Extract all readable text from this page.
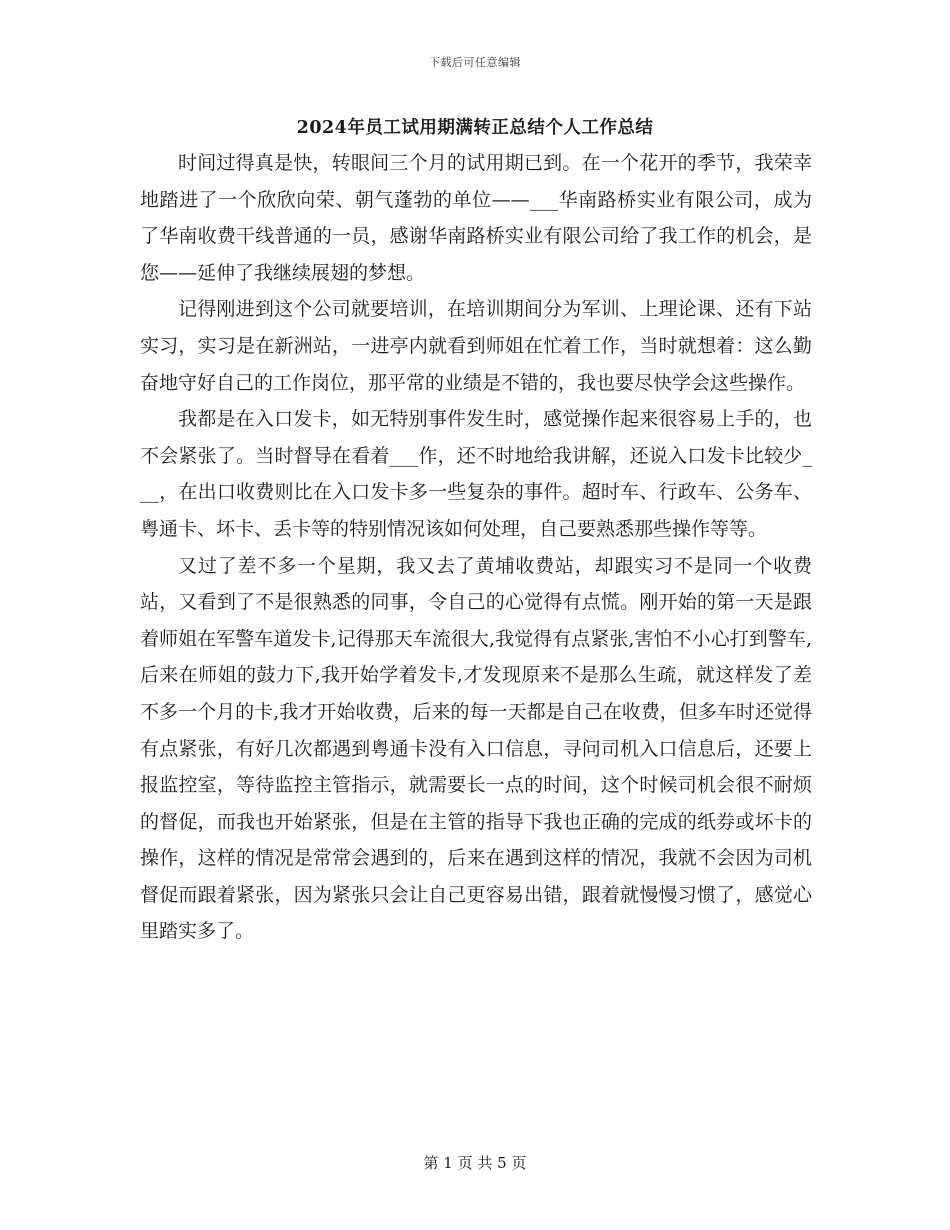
下载后可任意编辑
2024年员工试用期满转正总结个人工作总结

时间过得真是快，转眼间三个月的试用期已到。在一个花开的季节，我荣幸地踏进了一个欣欣向荣、朝气蓬勃的单位——___华南路桥实业有限公司，成为了华南收费干线普通的一员，感谢华南路桥实业有限公司给了我工作的机会，是您——延伸了我继续展翅的梦想。

记得刚进到这个公司就要培训，在培训期间分为军训、上理论课、还有下站实习，实习是在新洲站，一进亭内就看到师姐在忙着工作，当时就想着：这么勤奋地守好自己的工作岗位，那平常的业绩是不错的，我也要尽快学会这些操作。

我都是在入口发卡，如无特别事件发生时，感觉操作起来很容易上手的，也不会紧张了。当时督导在看着___作，还不时地给我讲解，还说入口发卡比较少___，在出口收费则比在入口发卡多一些复杂的事件。超时车、行政车、公务车、粤通卡、坏卡、丢卡等的特别情况该如何处理，自己要熟悉那些操作等等。

又过了差不多一个星期，我又去了黄埔收费站，却跟实习不是同一个收费站，又看到了不是很熟悉的同事，令自己的心觉得有点慌。刚开始的第一天是跟着师姐在军警车道发卡,记得那天车流很大,我觉得有点紧张,害怕不小心打到警车,后来在师姐的鼓力下,我开始学着发卡,才发现原来不是那么生疏，就这样发了差不多一个月的卡,我才开始收费，后来的每一天都是自己在收费，但多车时还觉得有点紧张，有好几次都遇到粤通卡没有入口信息，寻问司机入口信息后，还要上报监控室，等待监控主管指示，就需要长一点的时间，这个时候司机会很不耐烦的督促，而我也开始紧张，但是在主管的指导下我也正确的完成的纸券或坏卡的操作，这样的情况是常常会遇到的，后来在遇到这样的情况，我就不会因为司机督促而跟着紧张，因为紧张只会让自己更容易出错，跟着就慢慢习惯了，感觉心里踏实多了。

第 1 页 共 5 页
